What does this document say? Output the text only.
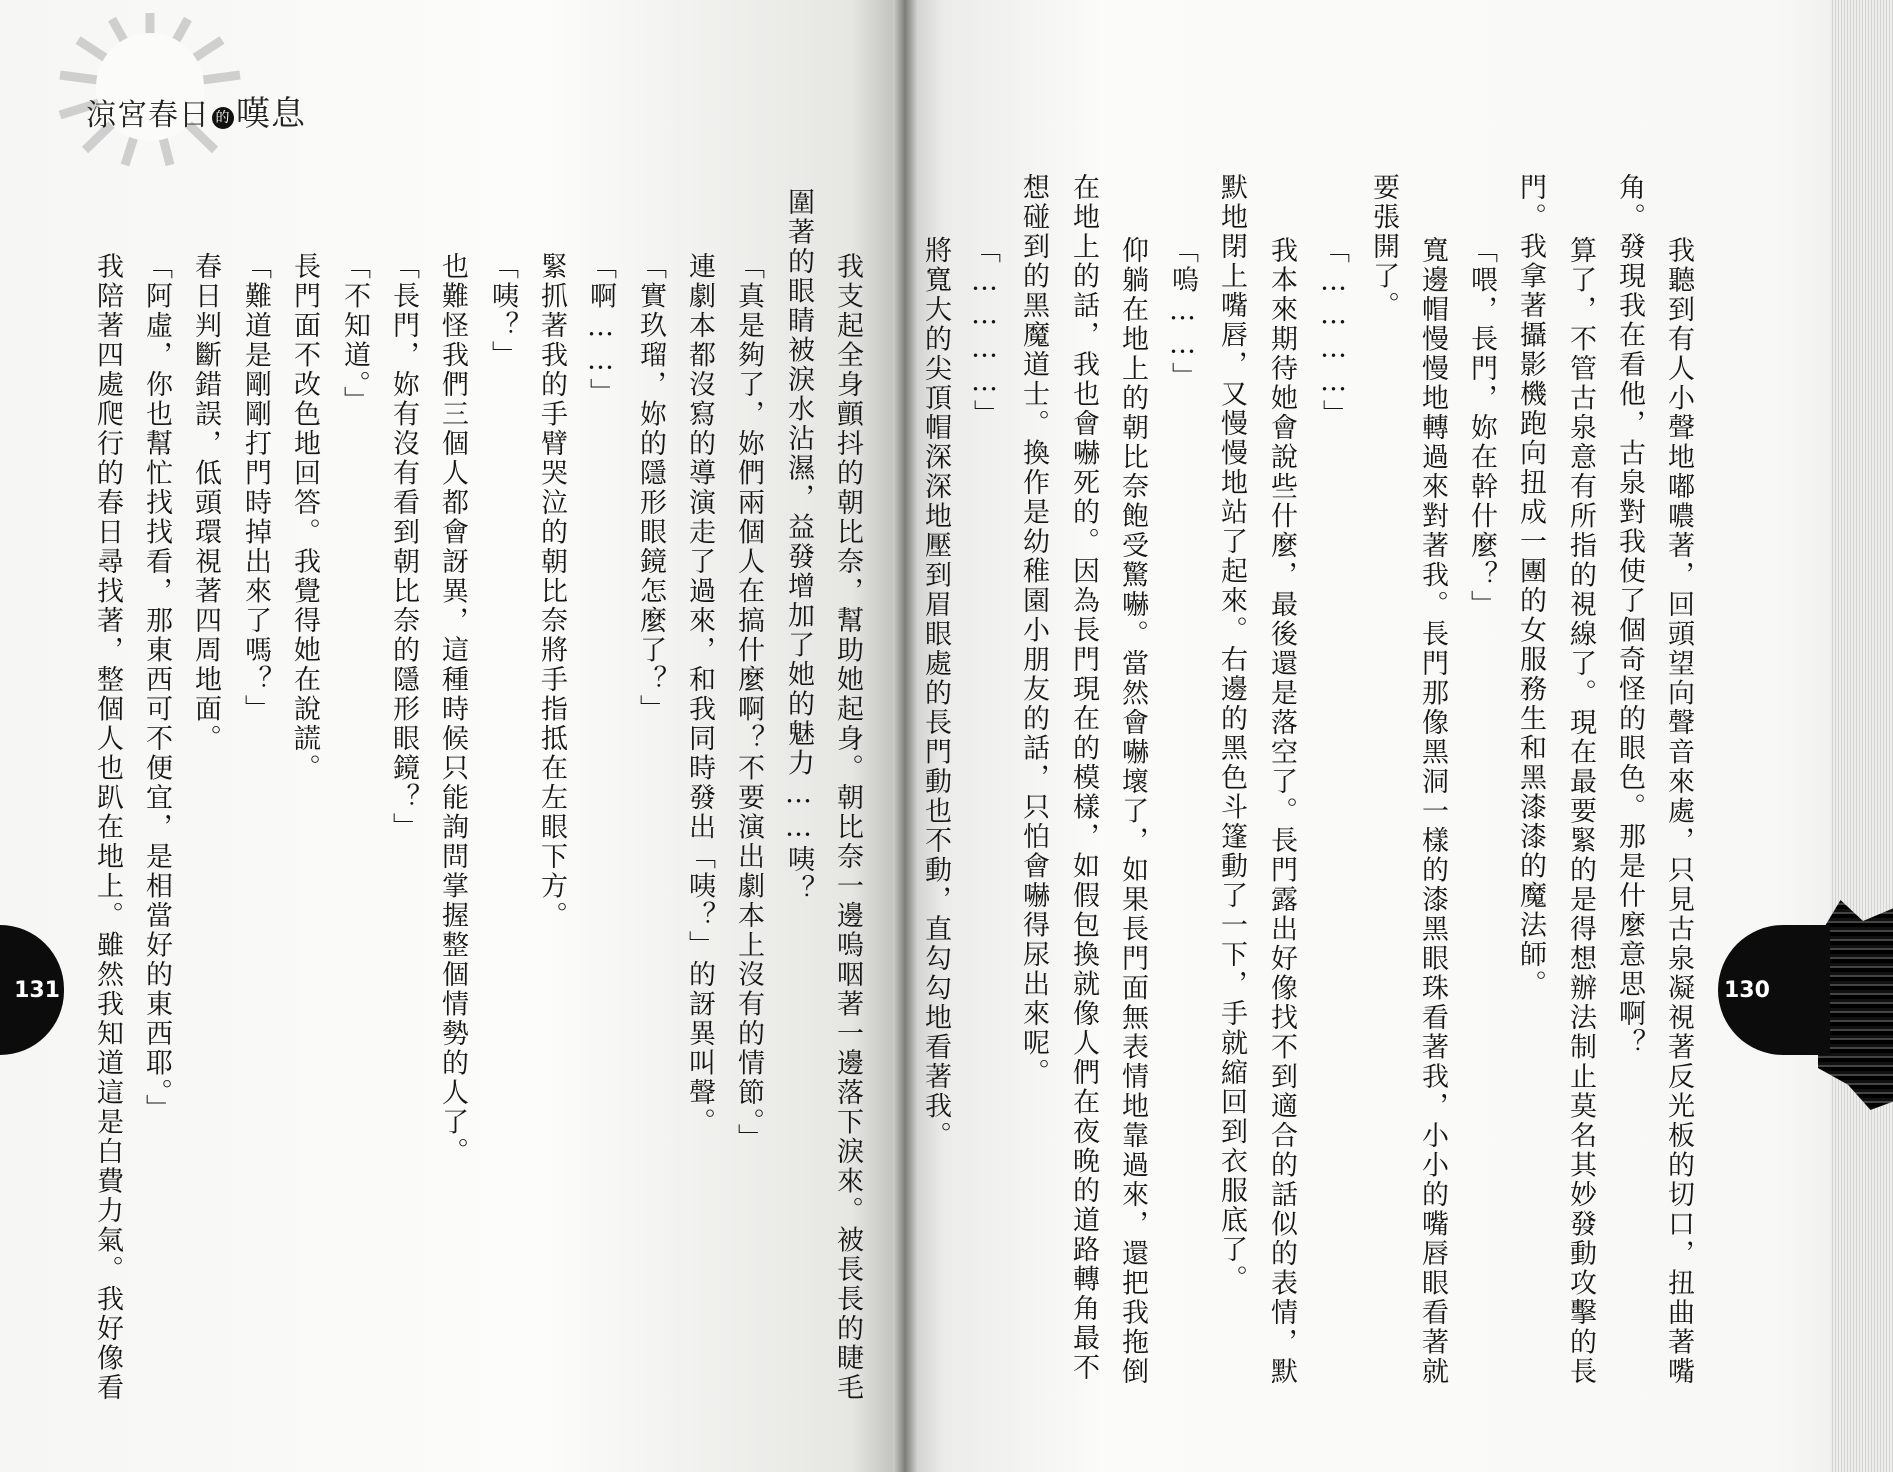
涼宮春日 的 嘆息
131	130
我聽到有人小聲地嘟噥著，回頭望向聲音來處，只見古泉凝視著反光板的切口，扭曲著嘴
角。發現我在看他，古泉對我使了個奇怪的眼色。那是什麼意思啊？
算了，不管古泉意有所指的視線了。現在最要緊的是得想辦法制止莫名其妙發動攻擊的長
門。我拿著攝影機跑向扭成一團的女服務生和黑漆漆的魔法師。
「喂，長門，妳在幹什麼？」
寬邊帽慢慢地轉過來對著我。長門那像黑洞一樣的漆黑眼珠看著我，小小的嘴唇眼看著就
要張開了。
「…………」
我本來期待她會說些什麼，最後還是落空了。長門露出好像找不到適合的話似的表情，默
默地閉上嘴唇，又慢慢地站了起來。右邊的黑色斗篷動了一下，手就縮回到衣服底了。
「嗚……」
仰躺在地上的朝比奈飽受驚嚇。當然會嚇壞了，如果長門面無表情地靠過來，還把我拖倒
在地上的話，我也會嚇死的。因為長門現在的模樣，如假包換就像人們在夜晚的道路轉角最不
想碰到的黑魔道士。換作是幼稚園小朋友的話，只怕會嚇得尿出來呢。
「…………」
將寬大的尖頂帽深深地壓到眉眼處的長門動也不動，直勾勾地看著我。
我支起全身顫抖的朝比奈，幫助她起身。朝比奈一邊嗚咽著一邊落下淚來。被長長的睫毛
圍著的眼睛被淚水沾濕，益發增加了她的魅力……咦？
「真是夠了，妳們兩個人在搞什麼啊？不要演出劇本上沒有的情節。」
連劇本都沒寫的導演走了過來，和我同時發出「咦？」的訝異叫聲。
「實玖瑠，妳的隱形眼鏡怎麼了？」
「啊……」
緊抓著我的手臂哭泣的朝比奈將手指抵在左眼下方。
「咦？」
也難怪我們三個人都會訝異，這種時候只能詢問掌握整個情勢的人了。
「長門，妳有沒有看到朝比奈的隱形眼鏡？」
「不知道。」
長門面不改色地回答。我覺得她在說謊。
「難道是剛剛打門時掉出來了嗎？」
春日判斷錯誤，低頭環視著四周地面。
「阿虛，你也幫忙找找看，那東西可不便宜，是相當好的東西耶。」
我陪著四處爬行的春日尋找著，整個人也趴在地上。雖然我知道這是白費力氣。我好像看
